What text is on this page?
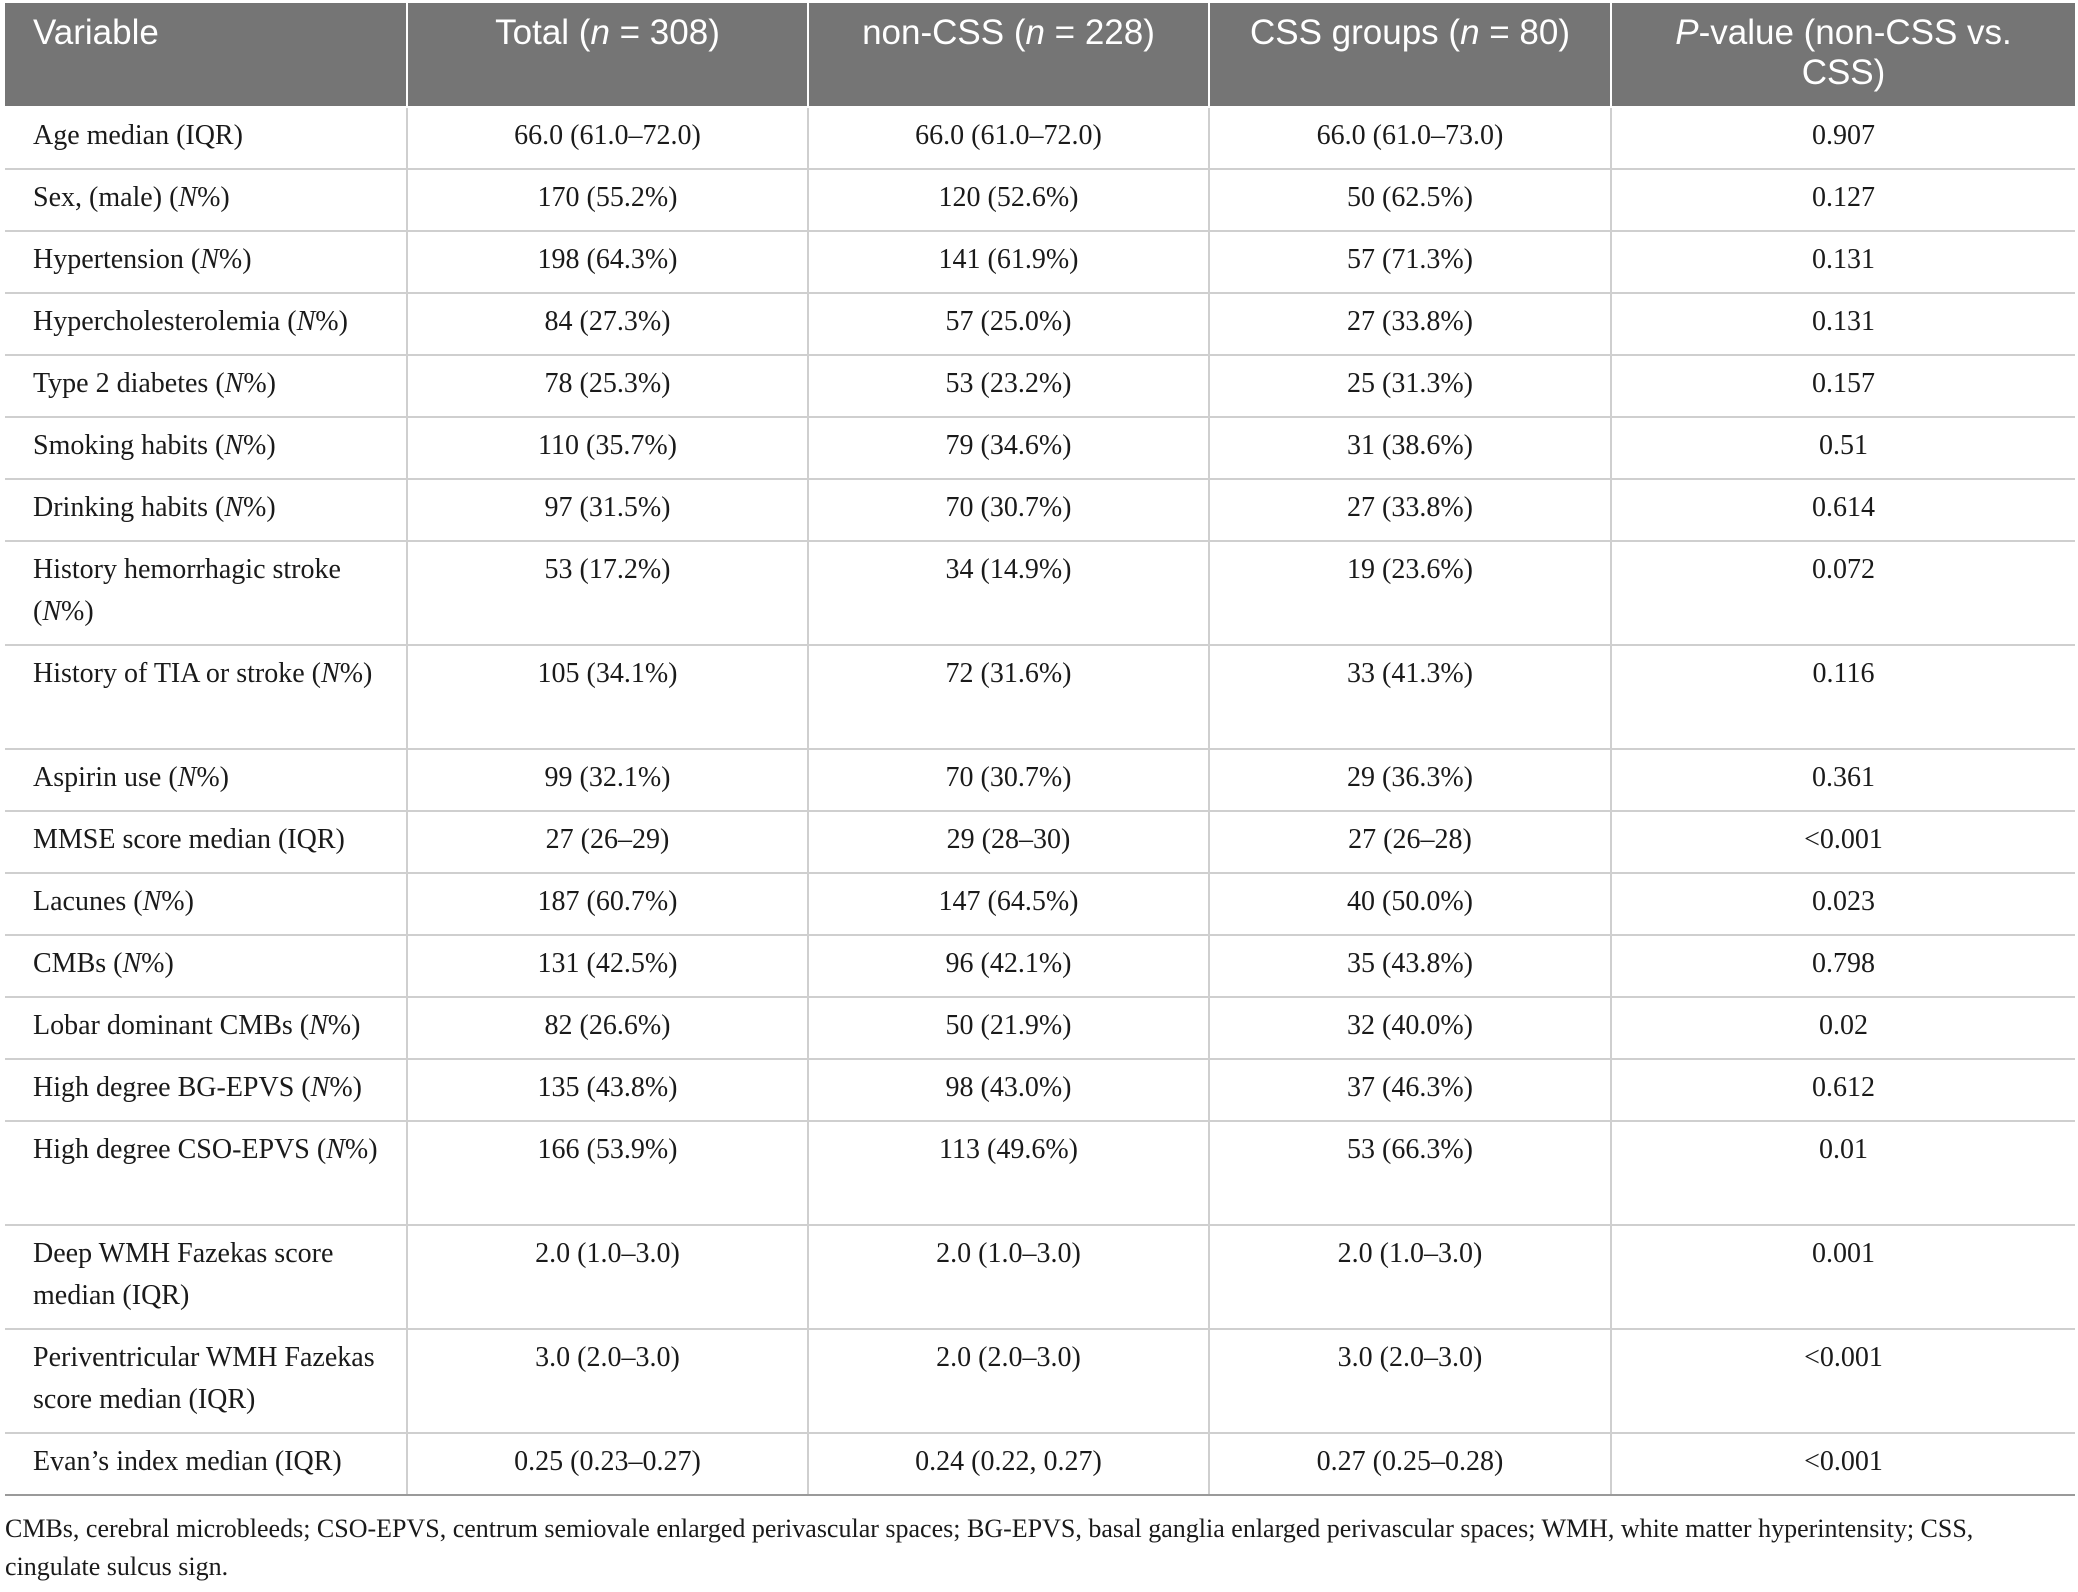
Variable	Total (n = 308)	non-CSS (n = 228)	CSS groups (n = 80)	P-value (non-CSS vs. CSS)
Age median (IQR)	66.0 (61.0–72.0)	66.0 (61.0–72.0)	66.0 (61.0–73.0)	0.907
Sex, (male) (N%)	170 (55.2%)	120 (52.6%)	50 (62.5%)	0.127
Hypertension (N%)	198 (64.3%)	141 (61.9%)	57 (71.3%)	0.131
Hypercholesterolemia (N%)	84 (27.3%)	57 (25.0%)	27 (33.8%)	0.131
Type 2 diabetes (N%)	78 (25.3%)	53 (23.2%)	25 (31.3%)	0.157
Smoking habits (N%)	110 (35.7%)	79 (34.6%)	31 (38.6%)	0.51
Drinking habits (N%)	97 (31.5%)	70 (30.7%)	27 (33.8%)	0.614
History hemorrhagic stroke (N%)	53 (17.2%)	34 (14.9%)	19 (23.6%)	0.072
History of TIA or stroke (N%)	105 (34.1%)	72 (31.6%)	33 (41.3%)	0.116
Aspirin use (N%)	99 (32.1%)	70 (30.7%)	29 (36.3%)	0.361
MMSE score median (IQR)	27 (26–29)	29 (28–30)	27 (26–28)	<0.001
Lacunes (N%)	187 (60.7%)	147 (64.5%)	40 (50.0%)	0.023
CMBs (N%)	131 (42.5%)	96 (42.1%)	35 (43.8%)	0.798
Lobar dominant CMBs (N%)	82 (26.6%)	50 (21.9%)	32 (40.0%)	0.02
High degree BG-EPVS (N%)	135 (43.8%)	98 (43.0%)	37 (46.3%)	0.612
High degree CSO-EPVS (N%)	166 (53.9%)	113 (49.6%)	53 (66.3%)	0.01
Deep WMH Fazekas score median (IQR)	2.0 (1.0–3.0)	2.0 (1.0–3.0)	2.0 (1.0–3.0)	0.001
Periventricular WMH Fazekas score median (IQR)	3.0 (2.0–3.0)	2.0 (2.0–3.0)	3.0 (2.0–3.0)	<0.001
Evan’s index median (IQR)	0.25 (0.23–0.27)	0.24 (0.22, 0.27)	0.27 (0.25–0.28)	<0.001
CMBs, cerebral microbleeds; CSO-EPVS, centrum semiovale enlarged perivascular spaces; BG-EPVS, basal ganglia enlarged perivascular spaces; WMH, white matter hyperintensity; CSS, cingulate sulcus sign.
